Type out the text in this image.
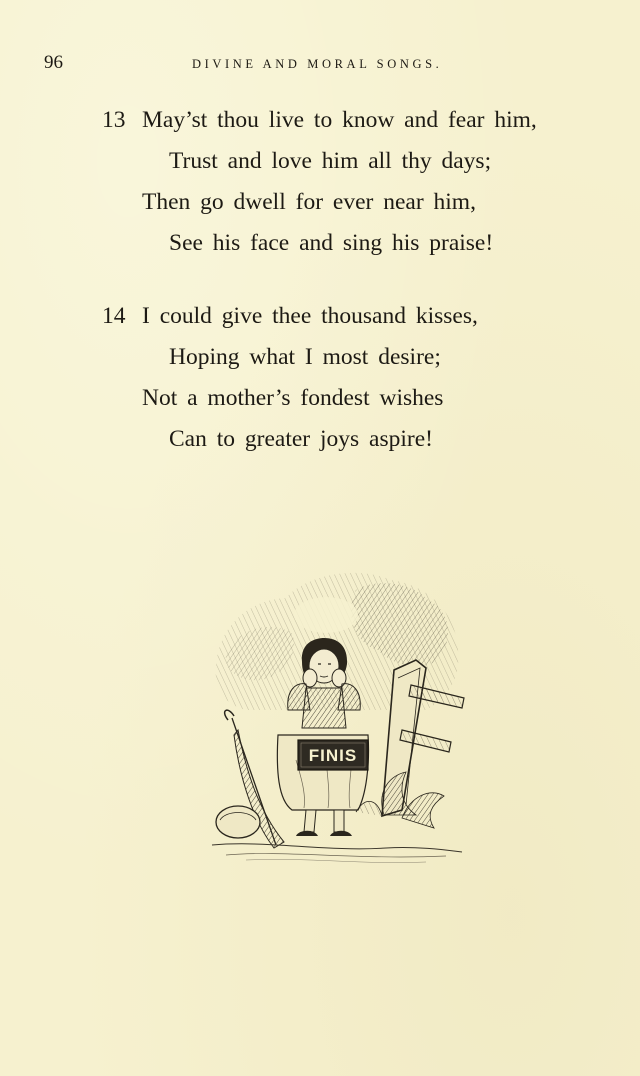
96	DIVINE AND MORAL SONGS.
13 May’st thou live to know and fear him,
Trust and love him all thy days;
Then go dwell for ever near him,
See his face and sing his praise!
14 I could give thee thousand kisses,
Hoping what I most desire;
Not a mother’s fondest wishes
Can to greater joys aspire!
FINIS
